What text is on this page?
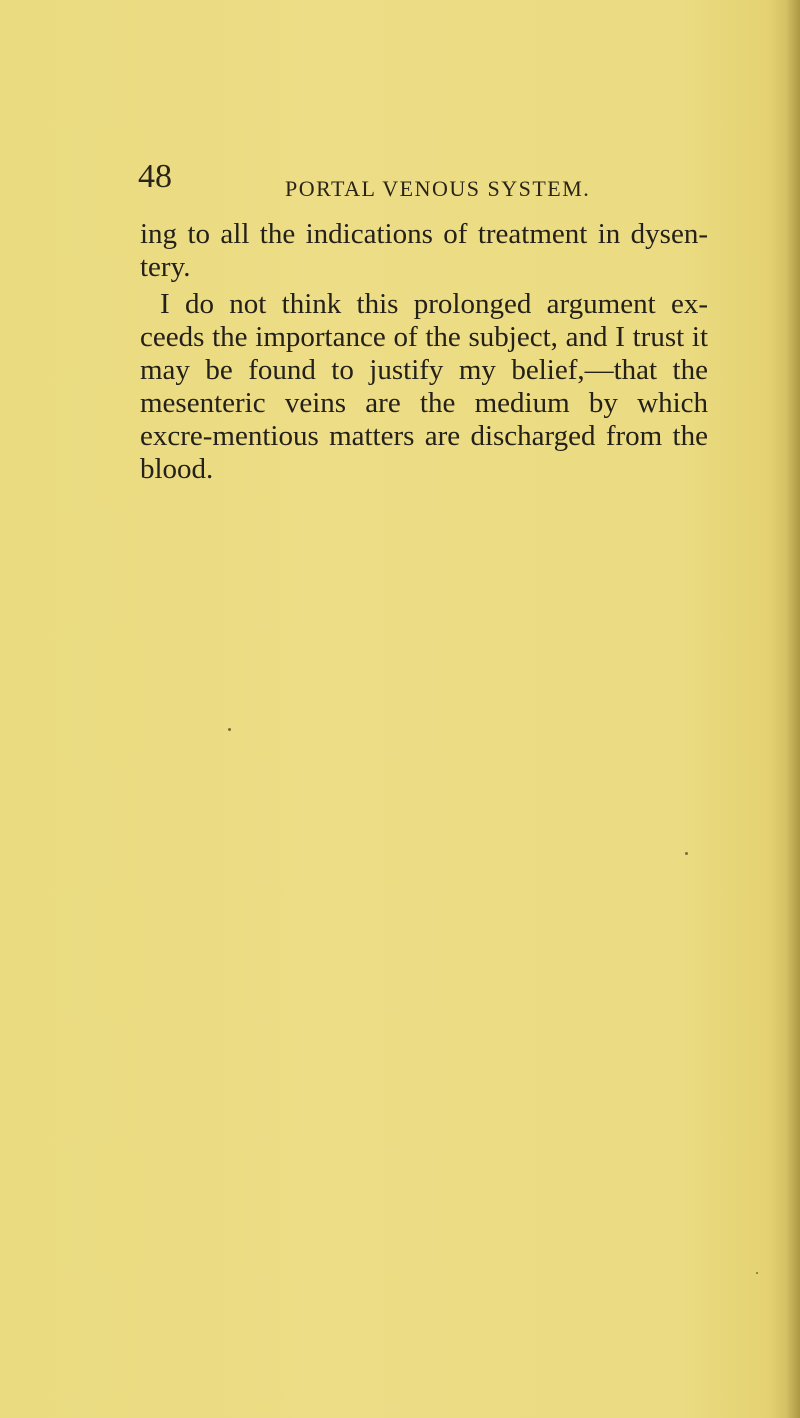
48	PORTAL VENOUS SYSTEM.

ing to all the indications of treatment in dysen-tery.

I do not think this prolonged argument ex-ceeds the importance of the subject, and I trust it may be found to justify my belief,—that the mesenteric veins are the medium by which excre-mentious matters are discharged from the blood.
